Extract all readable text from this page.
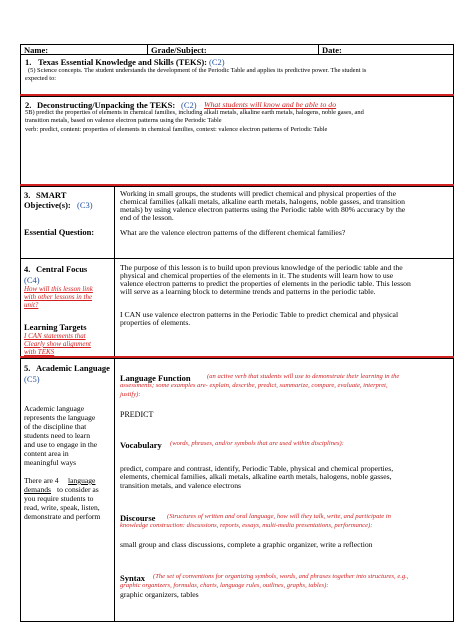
Name:	Grade/Subject:	Date:
1. Texas Essential Knowledge and Skills (TEKS): (C2)
(5) Science concepts. The student understands the development of the Periodic Table and applies its predictive power. The student is
expected to:
2. Deconstructing/Unpacking the TEKS: (C2) What students will know and be able to do
5B) predict the properties of elements in chemical families, including alkali metals, alkaline earth metals, halogens, noble gases, and
transition metals, based on valence electron patterns using the Periodic Table
verb: predict, content: properties of elements in chemical families, context: valence electron patterns of Periodic Table
3. SMART
Objective(s): (C3)
Essential Question:
Working in small groups, the students will predict chemical and physical properties of the
chemical families (alkali metals, alkaline earth metals, halogens, noble gasses, and transition
metals) by using valence electron patterns using the Periodic table with 80% accuracy by the
end of the lesson.
What are the valence electron patterns of the different chemical families?
4. Central Focus
(C4)
How will this lesson link
with other lessons in the
unit?
Learning Targets
I CAN statements that
Clearly show alignment
with TEKS
The purpose of this lesson is to build upon previous knowledge of the periodic table and the
physical and chemical properties of the elements in it. The students will learn how to use
valence electron patterns to predict the properties of elements in the periodic table. This lesson
will serve as a learning block to determine trends and patterns in the periodic table.
I CAN use valence electron patterns in the Periodic Table to predict chemical and physical
properties of elements.
5. Academic Language
(C5)
Academic language
represents the language
of the discipline that
students need to learn
and use to engage in the
content area in
meaningful ways
There are 4 language
demands to consider as
you require students to
read, write, speak, listen,
demonstrate and perform
Language Function (an active verb that students will use to demonstrate their learning in the
assessments; some examples are- explain, describe, predict, summarize, compare, evaluate, interpret,
justify):
PREDICT
Vocabulary (words, phrases, and/or symbols that are used within disciplines):
predict, compare and contrast, identify, Periodic Table, physical and chemical properties,
elements, chemical families, alkali metals, alkaline earth metals, halogens, noble gasses,
transition metals, and valence electrons
Discourse (Structures of written and oral language, how will they talk, write, and participate in
knowledge construction: discussions, reports, essays, multi-media presentations, performance):
small group and class discussions, complete a graphic organizer, write a reflection
Syntax (The set of conventions for organizing symbols, words, and phrases together into structures, e.g.,
graphic organizers, formulas, charts, language rules, outlines, graphs, tables):
graphic organizers, tables
